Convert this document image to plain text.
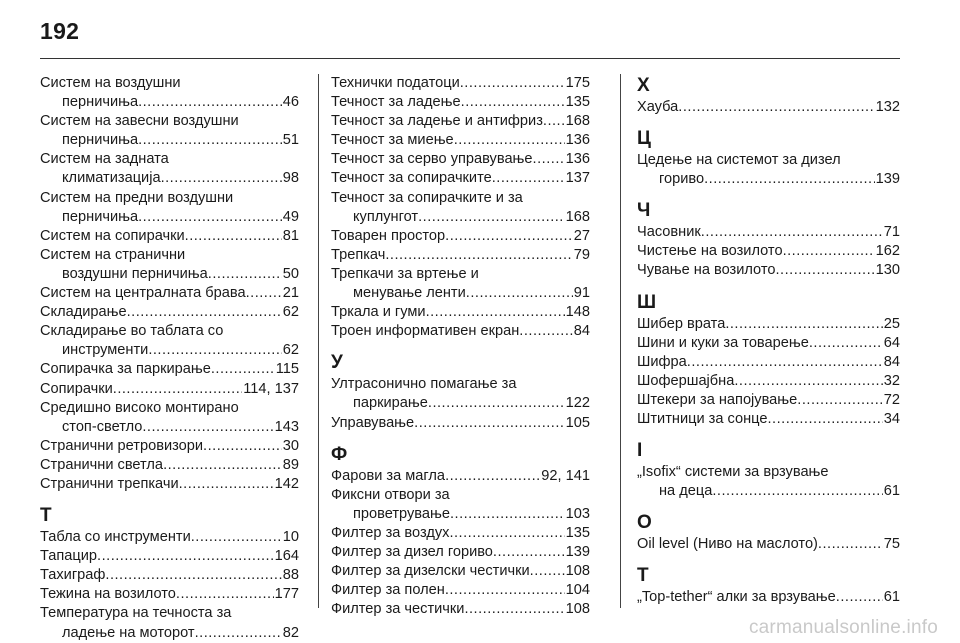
192
Систем на воздушни
перничиња .....	46
Систем на завесни воздушни
перничиња .....	51
Систем на задната
климатизација .....	98
Систем на предни воздушни
перничиња .....	49
Систем на сопирачки .....	81
Систем на странични
воздушни перничиња .....	50
Систем на централната брава .....	21
Складирање .....	62
Складирање во таблата со
инструменти .....	62
Сопирачка за паркирање .....	115
Сопирачки .....	114, 137
Средишно високо монтирано
стоп-светло .....	143
Странични ретровизори .....	30
Странични светла .....	89
Странични трепкачи .....	142
Т
Табла со инструменти .....	10
Тапацир .....	164
Тахиграф .....	88
Тежина на возилото .....	177
Температура на течноста за
ладење на моторот .....	82
Технички податоци .....	175
Течност за ладење .....	135
Течност за ладење и антифриз ..... 168
Течност за миење .....	136
Течност за серво управување ..... 136
Течност за сопирачките .....	137
Течност за сопирачките и за
куплунгот .....	168
Товарен простор .....	27
Трепкач .....	79
Трепкачи за вртење и
менување ленти .....	91
Тркала и гуми .....	148
Троен информативен екран .....	84
У
Ултрасонично помагање за
паркирање .....	122
Управување .....	105
Ф
Фарови за магла .....	92, 141
Фиксни отвори за
проветрување .....	103
Филтер за воздух .....	135
Филтер за дизел гориво .....	139
Филтер за дизелски честички ..... 108
Филтер за полен .....	104
Филтер за честички .....	108
Х
Хауба .....	132
Ц
Цедење на системот за дизел
гориво .....	139
Ч
Часовник .....	71
Чистење на возилото .....	162
Чување на возилото .....	130
Ш
Шибер врата .....	25
Шини и куки за товарење .....	64
Шифра .....	84
Шофершајбна .....	32
Штекери за напојување .....	72
Штитници за сонце .....	34
I
„Isofix“ системи за врзување
на деца .....	61
O
Oil level (Ниво на маслото) .....	75
T
„Top-tether“ алки за врзување .....	61
carmanualsonline.info
